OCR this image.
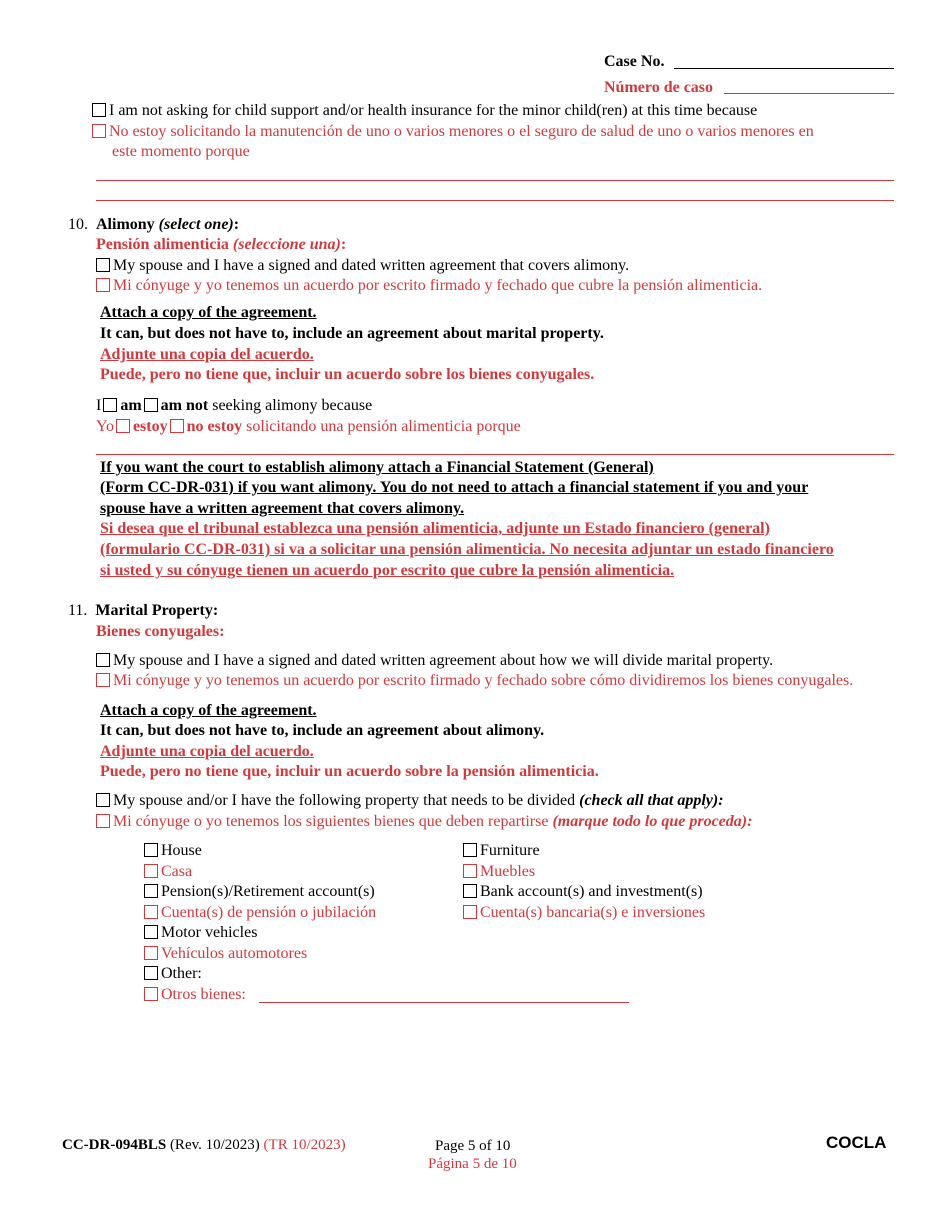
Case No.
Número de caso
I am not asking for child support and/or health insurance for the minor child(ren) at this time because
No estoy solicitando la manutención de uno o varios menores o el seguro de salud de uno o varios menores en
este momento porque
10. Alimony (select one):
Pensión alimenticia (seleccione una):
My spouse and I have a signed and dated written agreement that covers alimony.
Mi cónyuge y yo tenemos un acuerdo por escrito firmado y fechado que cubre la pensión alimenticia.
Attach a copy of the agreement.
It can, but does not have to, include an agreement about marital property.
Adjunte una copia del acuerdo.
Puede, pero no tiene que, incluir un acuerdo sobre los bienes conyugales.
I am am not seeking alimony because
Yo estoy no estoy solicitando una pensión alimenticia porque
If you want the court to establish alimony attach a Financial Statement (General)
(Form CC-DR-031) if you want alimony. You do not need to attach a financial statement if you and your
spouse have a written agreement that covers alimony.
Si desea que el tribunal establezca una pensión alimenticia, adjunte un Estado financiero (general)
(formulario CC-DR-031) si va a solicitar una pensión alimenticia. No necesita adjuntar un estado financiero
si usted y su cónyuge tienen un acuerdo por escrito que cubre la pensión alimenticia.
11. Marital Property:
Bienes conyugales:
My spouse and I have a signed and dated written agreement about how we will divide marital property.
Mi cónyuge y yo tenemos un acuerdo por escrito firmado y fechado sobre cómo dividiremos los bienes conyugales.
Attach a copy of the agreement.
It can, but does not have to, include an agreement about alimony.
Adjunte una copia del acuerdo.
Puede, pero no tiene que, incluir un acuerdo sobre la pensión alimenticia.
My spouse and/or I have the following property that needs to be divided (check all that apply):
Mi cónyuge o yo tenemos los siguientes bienes que deben repartirse (marque todo lo que proceda):
House
Casa
Pension(s)/Retirement account(s)
Cuenta(s) de pensión o jubilación
Motor vehicles
Vehículos automotores
Other:
Otros bienes:
Furniture
Muebles
Bank account(s) and investment(s)
Cuenta(s) bancaria(s) e inversiones
CC-DR-094BLS (Rev. 10/2023) (TR 10/2023)	Page 5 of 10
Página 5 de 10
COCLA
